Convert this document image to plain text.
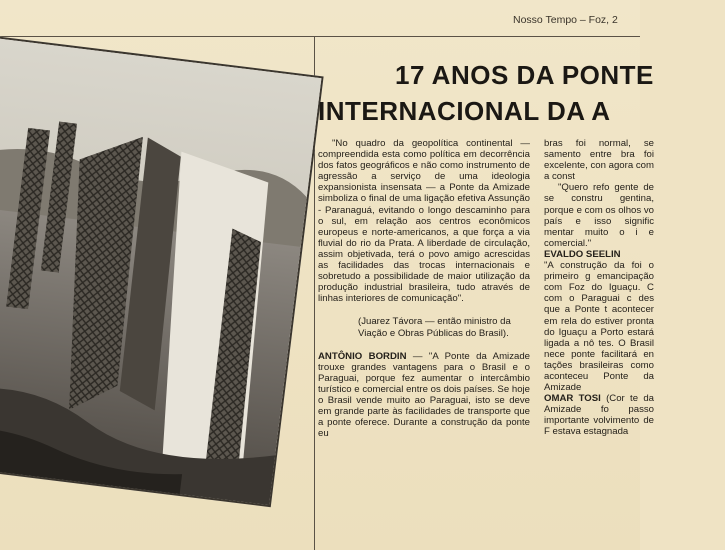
Nosso Tempo – Foz, 2
17 ANOS DA PONTE
INTERNACIONAL DA A

"No quadro da geopolítica continental — compreendida esta como política em decorrência dos fatos geográficos e não como instrumento de agressão a serviço de uma ideologia expansionista insensata — a Ponte da Amizade simboliza o final de uma ligação efetiva Assunção - Paranaguá, evitando o longo descaminho para o sul, em relação aos centros econômicos europeus e norte-americanos, a que força a via fluvial do rio da Prata. A liberdade de circulação, assim objetivada, terá o povo amigo acrescidas as facilidades das trocas internacionais e sobretudo a possibilidade de maior utilização da produção industrial brasileira, tudo através de linhas interiores de comunicação".

(Juarez Távora — então ministro da Viação e Obras Públicas do Brasil).

ANTÔNIO BORDIN — "A Ponte da Amizade trouxe grandes vantagens para o Brasil e o Paraguai, porque fez aumentar o intercâmbio turístico e comercial entre os dois países. Se hoje o Brasil vende muito ao Paraguai, isto se deve em grande parte às facilidades de transporte que a ponte oferece. Durante a construção da ponte eu

bras foi normal, se samento entre bra foi excelente, con agora com a const

"Quero refo gente de se constru gentina, porque e com os olhos vo país e isso signific mentar muito o i e comercial."

EVALDO SEELIN

"A construção da foi o primeiro g emancipação com Foz do Iguaçu. C com o Paraguai c des que a Ponte t acontecer em rela do estiver pronta do Iguaçu a Porto estará ligada a nô tes. O Brasil nece ponte facilitará en tações brasileiras como aconteceu Ponte da Amizade

OMAR TOSI (Cor te da Amizade fo passo importante volvimento de F estava estagnada
